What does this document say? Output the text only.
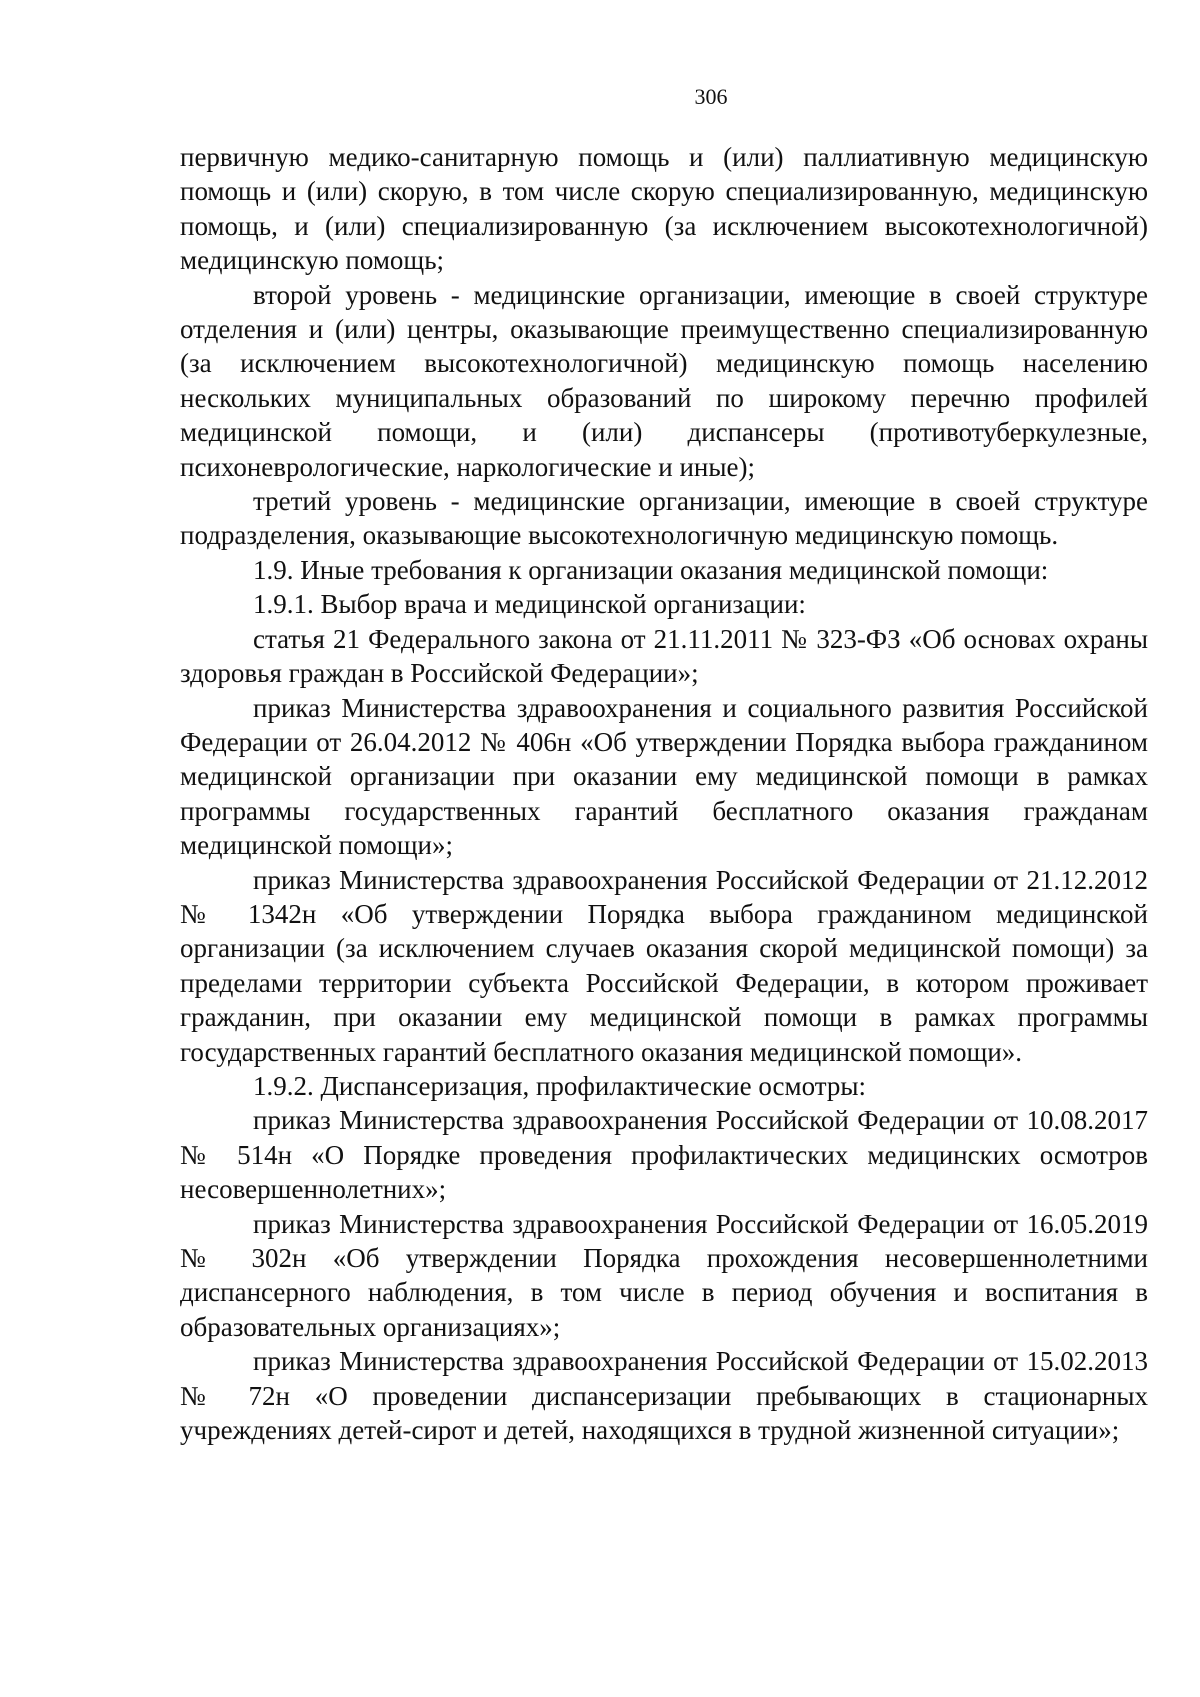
306

первичную медико-санитарную помощь и (или) паллиативную медицинскую помощь и (или) скорую, в том числе скорую специализированную, медицинскую помощь, и (или) специализированную (за исключением высокотехнологичной) медицинскую помощь;

второй уровень - медицинские организации, имеющие в своей структуре отделения и (или) центры, оказывающие преимущественно специализированную (за исключением высокотехнологичной) медицинскую помощь населению нескольких муниципальных образований по широкому перечню профилей медицинской помощи, и (или) диспансеры (противотуберкулезные, психоневрологические, наркологические и иные);

третий уровень - медицинские организации, имеющие в своей структуре подразделения, оказывающие высокотехнологичную медицинскую помощь.

1.9. Иные требования к организации оказания медицинской помощи:

1.9.1. Выбор врача и медицинской организации:

статья 21 Федерального закона от 21.11.2011 № 323-ФЗ «Об основах охраны здоровья граждан в Российской Федерации»;

приказ Министерства здравоохранения и социального развития Российской Федерации от 26.04.2012 № 406н «Об утверждении Порядка выбора гражданином медицинской организации при оказании ему медицинской помощи в рамках программы государственных гарантий бесплатного оказания гражданам медицинской помощи»;

приказ Министерства здравоохранения Российской Федерации от 21.12.2012 № 1342н «Об утверждении Порядка выбора гражданином медицинской организации (за исключением случаев оказания скорой медицинской помощи) за пределами территории субъекта Российской Федерации, в котором проживает гражданин, при оказании ему медицинской помощи в рамках программы государственных гарантий бесплатного оказания медицинской помощи».

1.9.2. Диспансеризация, профилактические осмотры:

приказ Министерства здравоохранения Российской Федерации от 10.08.2017 № 514н «О Порядке проведения профилактических медицинских осмотров несовершеннолетних»;

приказ Министерства здравоохранения Российской Федерации от 16.05.2019 № 302н «Об утверждении Порядка прохождения несовершеннолетними диспансерного наблюдения, в том числе в период обучения и воспитания в образовательных организациях»;

приказ Министерства здравоохранения Российской Федерации от 15.02.2013 № 72н «О проведении диспансеризации пребывающих в стационарных учреждениях детей-сирот и детей, находящихся в трудной жизненной ситуации»;
